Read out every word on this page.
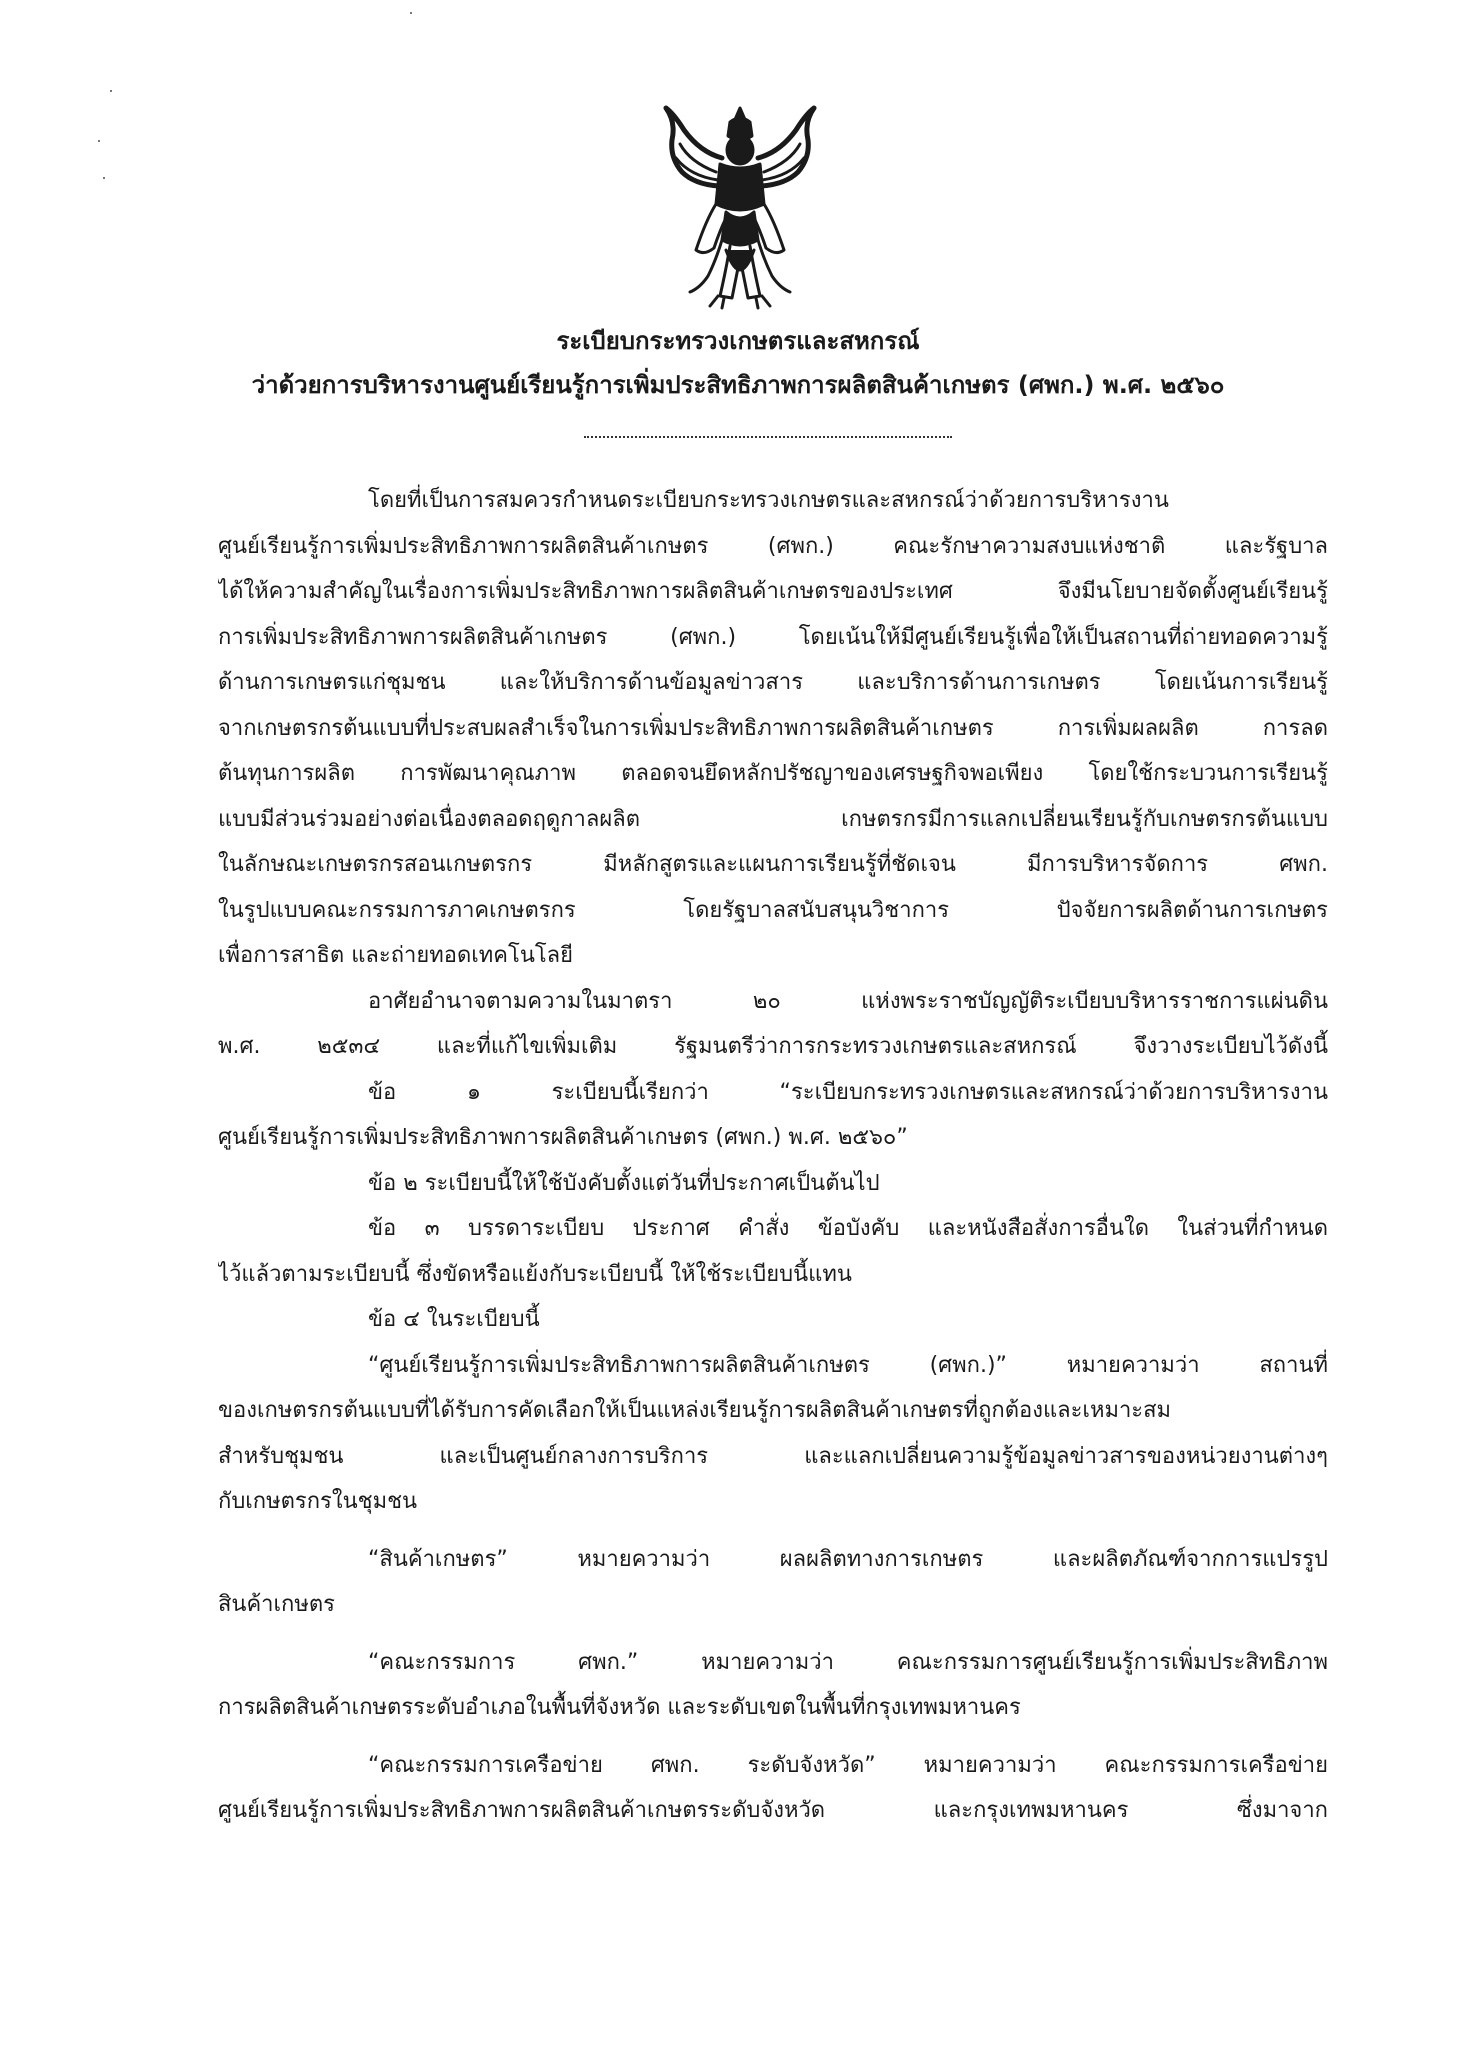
ระเบียบกระทรวงเกษตรและสหกรณ์
ว่าด้วยการบริหารงานศูนย์เรียนรู้การเพิ่มประสิทธิภาพการผลิตสินค้าเกษตร (ศพก.) พ.ศ. ๒๕๖๐
โดยที่เป็นการสมควรกำหนดระเบียบกระทรวงเกษตรและสหกรณ์ว่าด้วยการบริหารงาน
ศูนย์เรียนรู้การเพิ่มประสิทธิภาพการผลิตสินค้าเกษตร (ศพก.) คณะรักษาความสงบแห่งชาติ และรัฐบาล
ได้ให้ความสำคัญในเรื่องการเพิ่มประสิทธิภาพการผลิตสินค้าเกษตรของประเทศ จึงมีนโยบายจัดตั้งศูนย์เรียนรู้
การเพิ่มประสิทธิภาพการผลิตสินค้าเกษตร (ศพก.) โดยเน้นให้มีศูนย์เรียนรู้เพื่อให้เป็นสถานที่ถ่ายทอดความรู้
ด้านการเกษตรแก่ชุมชน และให้บริการด้านข้อมูลข่าวสาร และบริการด้านการเกษตร โดยเน้นการเรียนรู้
จากเกษตรกรต้นแบบที่ประสบผลสำเร็จในการเพิ่มประสิทธิภาพการผลิตสินค้าเกษตร การเพิ่มผลผลิต การลด
ต้นทุนการผลิต การพัฒนาคุณภาพ ตลอดจนยึดหลักปรัชญาของเศรษฐกิจพอเพียง โดยใช้กระบวนการเรียนรู้
แบบมีส่วนร่วมอย่างต่อเนื่องตลอดฤดูกาลผลิต เกษตรกรมีการแลกเปลี่ยนเรียนรู้กับเกษตรกรต้นแบบ
ในลักษณะเกษตรกรสอนเกษตรกร มีหลักสูตรและแผนการเรียนรู้ที่ชัดเจน มีการบริหารจัดการ ศพก.
ในรูปแบบคณะกรรมการภาคเกษตรกร โดยรัฐบาลสนับสนุนวิชาการ ปัจจัยการผลิตด้านการเกษตร
เพื่อการสาธิต และถ่ายทอดเทคโนโลยี
อาศัยอำนาจตามความในมาตรา ๒๐ แห่งพระราชบัญญัติระเบียบบริหารราชการแผ่นดิน
พ.ศ. ๒๕๓๔ และที่แก้ไขเพิ่มเติม รัฐมนตรีว่าการกระทรวงเกษตรและสหกรณ์ จึงวางระเบียบไว้ดังนี้
ข้อ ๑ ระเบียบนี้เรียกว่า “ระเบียบกระทรวงเกษตรและสหกรณ์ว่าด้วยการบริหารงาน
ศูนย์เรียนรู้การเพิ่มประสิทธิภาพการผลิตสินค้าเกษตร (ศพก.) พ.ศ. ๒๕๖๐”
ข้อ ๒ ระเบียบนี้ให้ใช้บังคับตั้งแต่วันที่ประกาศเป็นต้นไป
ข้อ ๓ บรรดาระเบียบ ประกาศ คำสั่ง ข้อบังคับ และหนังสือสั่งการอื่นใด ในส่วนที่กำหนด
ไว้แล้วตามระเบียบนี้ ซึ่งขัดหรือแย้งกับระเบียบนี้ ให้ใช้ระเบียบนี้แทน
ข้อ ๔ ในระเบียบนี้
“ศูนย์เรียนรู้การเพิ่มประสิทธิภาพการผลิตสินค้าเกษตร (ศพก.)” หมายความว่า สถานที่
ของเกษตรกรต้นแบบที่ได้รับการคัดเลือกให้เป็นแหล่งเรียนรู้การผลิตสินค้าเกษตรที่ถูกต้องและเหมาะสม
สำหรับชุมชน และเป็นศูนย์กลางการบริการ และแลกเปลี่ยนความรู้ข้อมูลข่าวสารของหน่วยงานต่างๆ
กับเกษตรกรในชุมชน
“สินค้าเกษตร” หมายความว่า ผลผลิตทางการเกษตร และผลิตภัณฑ์จากการแปรรูป
สินค้าเกษตร
“คณะกรรมการ ศพก.” หมายความว่า คณะกรรมการศูนย์เรียนรู้การเพิ่มประสิทธิภาพ
การผลิตสินค้าเกษตรระดับอำเภอในพื้นที่จังหวัด และระดับเขตในพื้นที่กรุงเทพมหานคร
“คณะกรรมการเครือข่าย ศพก. ระดับจังหวัด” หมายความว่า คณะกรรมการเครือข่าย
ศูนย์เรียนรู้การเพิ่มประสิทธิภาพการผลิตสินค้าเกษตรระดับจังหวัด และกรุงเทพมหานคร ซึ่งมาจาก
